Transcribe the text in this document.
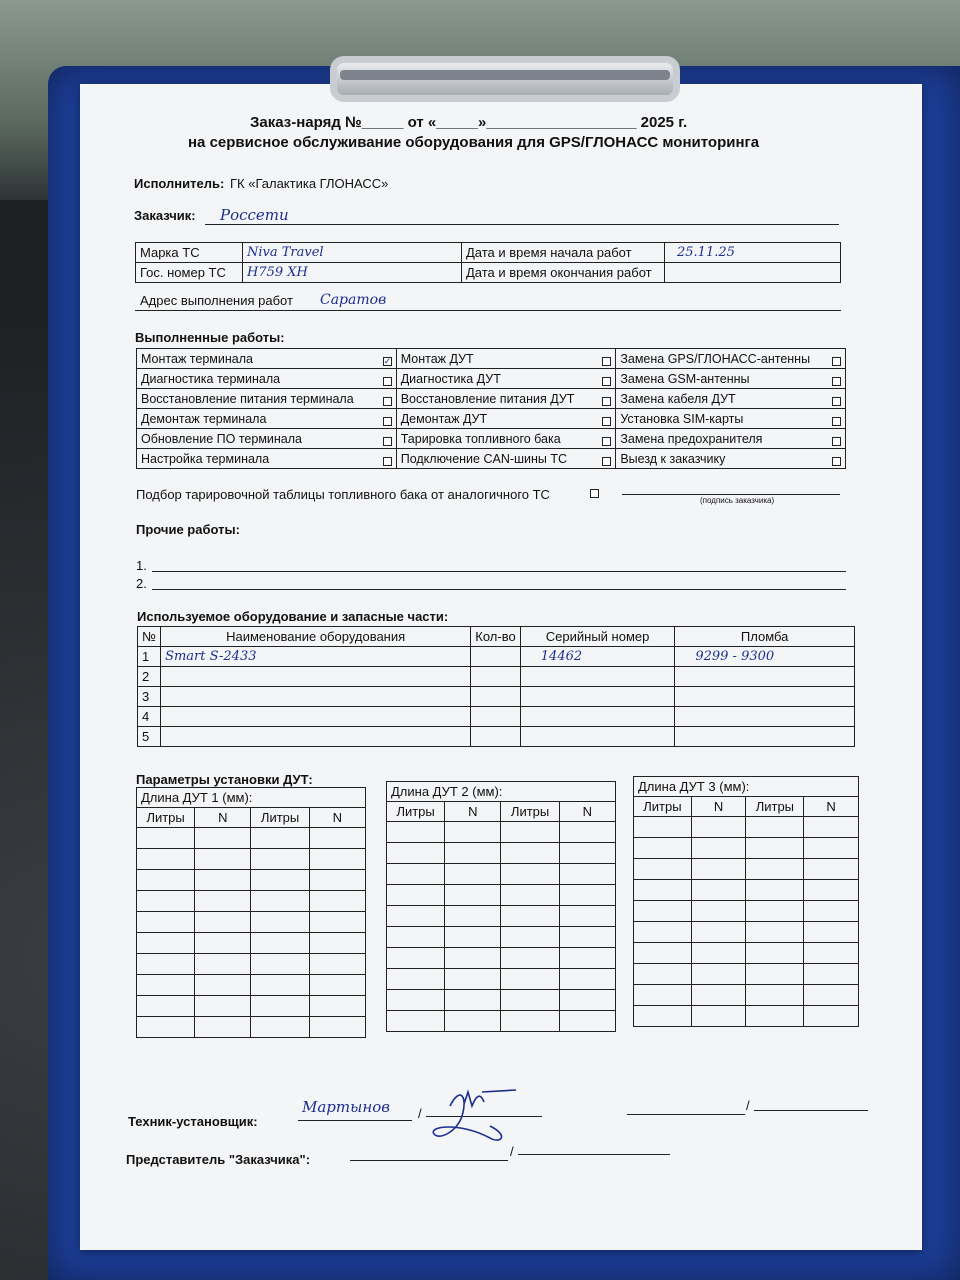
Заказ-наряд №_____ от «_____»__________________ 2025 г.
на сервисное обслуживание оборудования для GPS/ГЛОНАСС мониторинга
Исполнитель: ГК «Галактика ГЛОНАСС»
Заказчик: Россети
Марка ТС	Niva Travel	Дата и время начала работ	25.11.25
Гос. номер ТС	Н759 ХН	Дата и время окончания работ	
Адрес выполнения работ Саратов
Выполненные работы:
Монтаж терминала ✓	Монтаж ДУТ	Замена GPS/ГЛОНАСС-антенны

Диагностика терминала	Диагностика ДУТ	Замена GSM-антенны

Восстановление питания терминала	Восстановление питания ДУТ	Замена кабеля ДУТ

Демонтаж терминала	Демонтаж ДУТ	Установка SIM-карты

Обновление ПО терминала	Тарировка топливного бака	Замена предохранителя

Настройка терминала	Подключение CAN-шины ТС	Выезд к заказчику
Подбор тарировочной таблицы топливного бака от аналогичного ТС	(подпись заказчика)
Прочие работы:
1.
2.
Используемое оборудование и запасные части:
№	Наименование оборудования	Кол-во	Серийный номер	Пломба
1	Smart S-2433		14462	9299 - 9300
2				
3				
4				
5				
Параметры установки ДУТ:
Длина ДУТ 1 (мм):			
Литры	N	Литры	N

Длина ДУТ 2 (мм):			
Литры	N	Литры	N

Длина ДУТ 3 (мм):			
Литры	N	Литры	N

Техник-установщик:
Мартынов /
/
Представитель "Заказчика":
/
